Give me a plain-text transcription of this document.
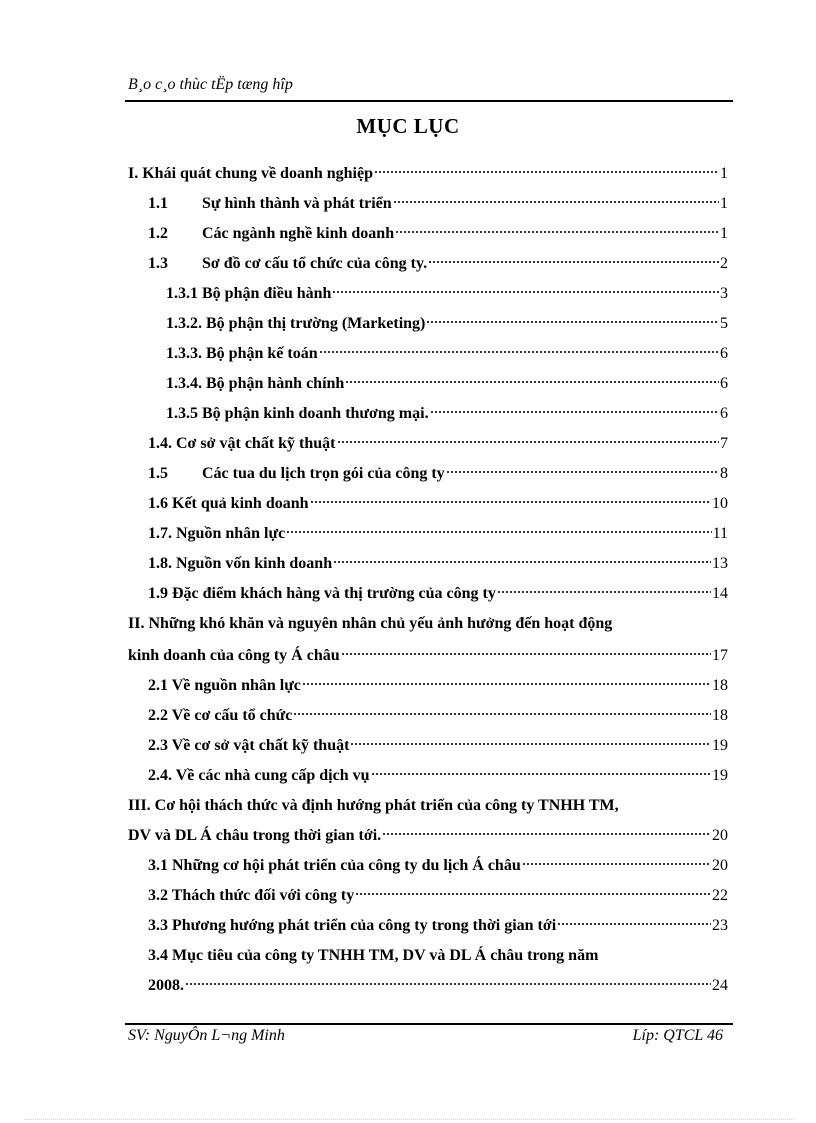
B¸o c¸o thùc tËp tæng hîp
MỤC LỤC
I. Khái quát chung về doanh nghiệp	1
1.1 Sự hình thành và phát triển	1
1.2 Các ngành nghề kinh doanh	1
1.3 Sơ đồ cơ cấu tổ chức của công ty.	2
1.3.1 Bộ phận điều hành	3
1.3.2. Bộ phận thị trường (Marketing)	5
1.3.3. Bộ phận kế toán	6
1.3.4. Bộ phận hành chính	6
1.3.5 Bộ phận kinh doanh thương mại.	6
1.4. Cơ sở vật chất kỹ thuật	7
1.5 Các tua du lịch trọn gói của công ty	8
1.6 Kết quả kinh doanh	10
1.7. Nguồn nhân lực	11
1.8. Nguồn vốn kinh doanh	13
1.9 Đặc điểm khách hàng và thị trường của công ty	14
II. Những khó khăn và nguyên nhân chủ yếu ảnh hưởng đến hoạt động
kinh doanh của công ty Á châu	17
2.1 Về nguồn nhân lực	18
2.2 Về cơ cấu tổ chức	18
2.3 Về cơ sở vật chất kỹ thuật	19
2.4. Về các nhà cung cấp dịch vụ	19
III. Cơ hội thách thức và định hướng phát triển của công ty TNHH TM,
DV và DL Á châu trong thời gian tới.	20
3.1 Những cơ hội phát triển của công ty du lịch Á châu	20
3.2 Thách thức đối với công ty	22
3.3 Phương hướng phát triển của công ty trong thời gian tới	23
3.4 Mục tiêu của công ty TNHH TM, DV và DL Á châu trong năm
2008.	24
SV: NguyÔn L¬ng Minh	Líp: QTCL 46
